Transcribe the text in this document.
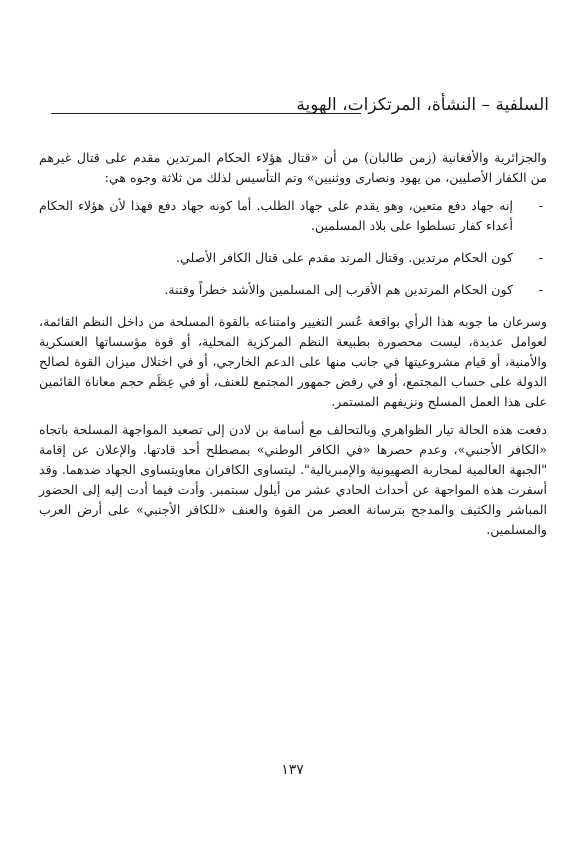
السلفية – النشأة، المرتكزات، الهوية

والجزائرية والأفغانية (زمن طالبان) من أن «قتال هؤلاء الحكام المرتدين مقدم على قتال غيرهم من الكفار الأصليين، من يهود ونصارى ووثنيين» وتم التأسيس لذلك من ثلاثة وجوه هي:

-
إنه جهاد دفع متعين، وهو يقدم على جهاد الطلب. أما كونه جهاد دفع فهذا لأن هؤلاء الحكام أعداء كفار تسلطوا على بلاد المسلمين.

-
كون الحكام مرتدين. وقتال المرتد مقدم على قتال الكافر الأصلي.

-
كون الحكام المرتدين هم الأقرب إلى المسلمين والأشد خطراً وفتنة.

وسرعان ما جوبه هذا الرأي بواقعة عُسر التغيير وامتناعه بالقوة المسلحة من داخل النظم القائمة، لعوامل عديدة، ليست محصورة بطبيعة النظم المركزية المحلية، أو قوة مؤسساتها العسكرية والأمنية، أو قيام مشروعيتها في جانب منها على الدعم الخارجي، أو في اختلال ميزان القوة لصالح الدولة على حساب المجتمع، أو في رفض جمهور المجتمع للعنف، أو في عِظَم حجم معاناة القائمين على هذا العمل المسلح ونزيفهم المستمر.

دفعت هذه الحالة تيار الظواهري وبالتحالف مع أسامة بن لادن إلى تصعيد المواجهة المسلحة باتجاه «الكافر الأجنبي»، وعدم حصرها «في الكافر الوطني» بمصطلح أحد قادتها. والإعلان عن إقامة "الجبهة العالمية لمحاربة الصهيونية والإمبريالية". ليتساوى الكافران معاويتساوى الجهاد ضدهما. وقد أسفرت هذه المواجهة عن أحداث الحادي عشر من أيلول سبتمبر. وأدت فيما أدت إليه إلى الحضور المباشر والكثيف والمدجج بترسانة العصر من القوة والعنف «للكافر الأجنبي» على أرض العرب والمسلمين.

١٣٧
